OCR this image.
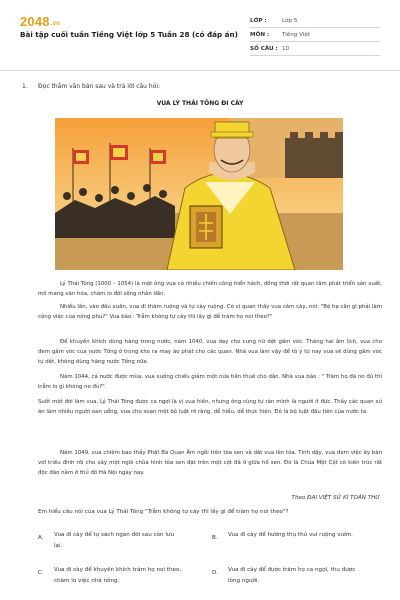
2048.vn
Bài tập cuối tuần Tiếng Việt lớp 5 Tuần 28 (có đáp án)
LỚP :	Lớp 5
MÔN :	Tiếng Việt
SỐ CÂU : 10
1. Đọc thầm văn bản sau và trả lời câu hỏi:
VUA LÝ THÁI TÔNG ĐI CÀY

Lý Thái Tông (1000 – 1054) là một ông vua có nhiều chiến công hiển hách, đồng thời rất quan tâm phát triển sản xuất, mở mang văn hóa, chăm lo đời sống nhân dân.

Nhiều lần, vào đầu xuân, vua đi thăm ruộng và tự cày ruộng. Có vị quan thấy vua cầm cày, nói: "Bệ hạ cần gì phải làm công việc của nông phu?" Vua bảo : Trẫm không tự cày thì lấy gì để trăm họ noi theo?"

Để khuyến khích dùng hàng trong nước, năm 1040, vua dạy cho cung nữ dệt gấm vóc. Tháng hai âm lịch, vua cho đem gấm vóc của nước Tống ở trong kho ra may áo phát cho các quan. Nhà vua làm vậy để tỏ ý từ nay vua sẽ dùng gấm vóc tự dệt, không dùng hàng nước Tống nữa.

Năm 1044, cả nước được mùa, vua xuống chiếu giảm một nửa tiền thuế cho dân. Nhà vua bảo : " Trăm họ đã no đủ thì trẫm lo gì không no đủ?".

Suốt một đời làm vua, Lý Thái Tông được ca ngợi là vị vua hiền, nhưng ông cũng tự răn mình là người ít đức. Thấy các quan xử án làm nhiều người oan uổng, vua cho soạn một bộ luật rõ ràng, dễ hiểu, dễ thực hiện. Đó là bộ luật đầu tiên của nước ta.

Năm 1049, vua chiêm bao thấy Phật Bà Quan Âm ngồi trên tòa sen và dắt vua lên tòa. Tỉnh dậy, vua đem việc ấy bàn với triều đình rồi cho xây một ngôi chùa hình tòa sen đặt trên một cột đá ở giữa hồ sen. Đó là Chùa Một Cột có kiến trúc rất độc đáo nằm ở thủ đô Hà Nội ngày nay.

Theo ĐẠI VIỆT SỬ KÍ TOÀN THƯ
Em hiểu câu nói của vua Lý Thái Tông "Trẫm không tự cày thì lấy gì để trăm họ noi theo"?
A.	Vua đi cày để tự sách ngàn đời sau còn lưu lại.
B.	Vua đi cày để hướng thụ thú vui ruộng vườn.
C.	Vua đi cày để khuyến khích trăm họ noi theo, chăm lo việc nhà nông.
D.	Vua đi cày để được trăm họ ca ngợi, thu được lòng người.
